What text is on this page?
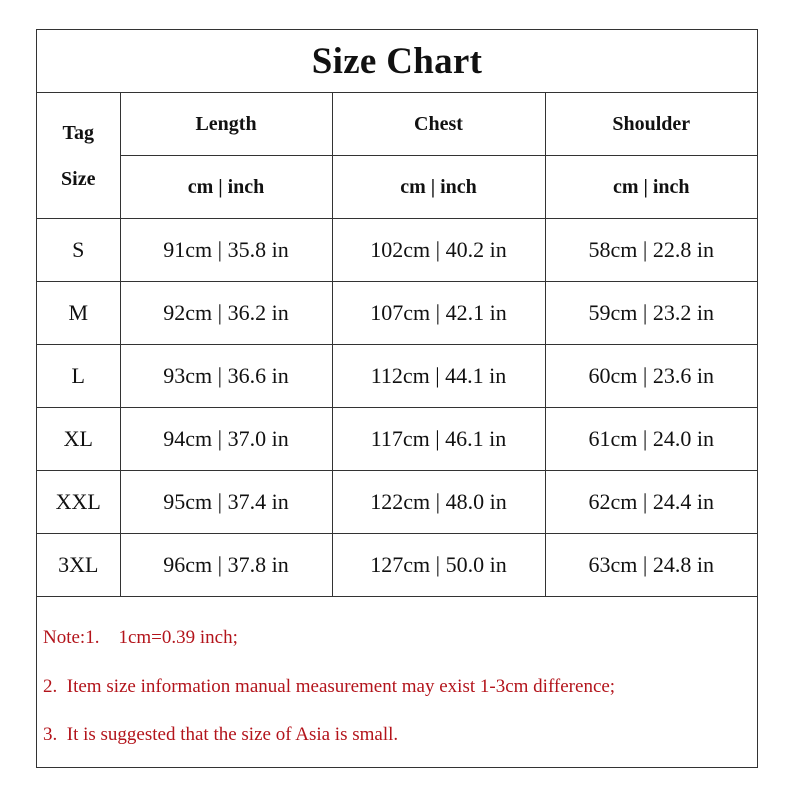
Size Chart
Tag
Size	Length	Chest	Shoulder
	cm | inch	cm | inch	cm | inch
S	91cm | 35.8 in	102cm | 40.2 in	58cm | 22.8 in
M	92cm | 36.2 in	107cm | 42.1 in	59cm | 23.2 in
L	93cm | 36.6 in	112cm | 44.1 in	60cm | 23.6 in
XL	94cm | 37.0 in	117cm | 46.1 in	61cm | 24.0 in
XXL	95cm | 37.4 in	122cm | 48.0 in	62cm | 24.4 in
3XL	96cm | 37.8 in	127cm | 50.0 in	63cm | 24.8 in

Note:1.    1cm=0.39 inch;
2.  Item size information manual measurement may exist 1-3cm difference;
3.  It is suggested that the size of Asia is small.			
